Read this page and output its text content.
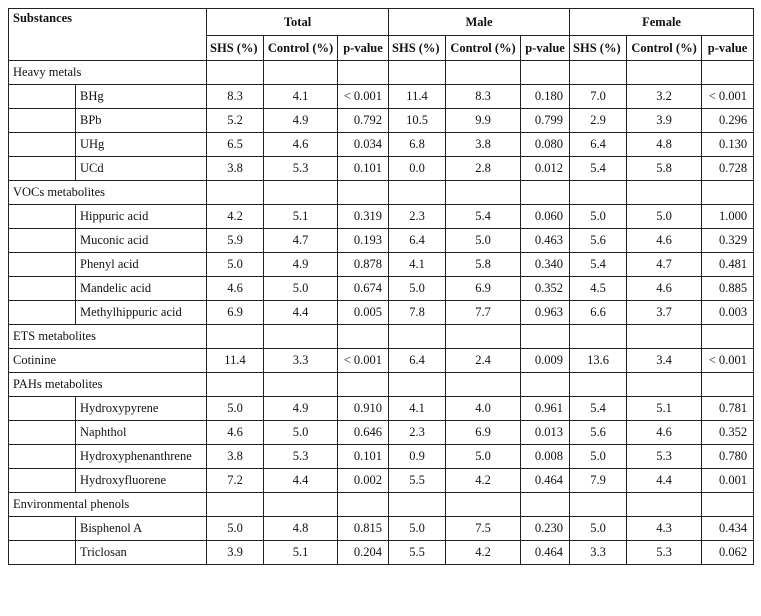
Substances		Total			Male			Female		
		SHS (%)	Control (%)	p-value	SHS (%)	Control (%)	p-value	SHS (%)	Control (%)	p-value
Heavy metals										
	BHg	8.3	4.1	< 0.001	11.4	8.3	0.180	7.0	3.2	< 0.001
	BPb	5.2	4.9	0.792	10.5	9.9	0.799	2.9	3.9	0.296
	UHg	6.5	4.6	0.034	6.8	3.8	0.080	6.4	4.8	0.130
	UCd	3.8	5.3	0.101	0.0	2.8	0.012	5.4	5.8	0.728
VOCs metabolites										
	Hippuric acid	4.2	5.1	0.319	2.3	5.4	0.060	5.0	5.0	1.000
	Muconic acid	5.9	4.7	0.193	6.4	5.0	0.463	5.6	4.6	0.329
	Phenyl acid	5.0	4.9	0.878	4.1	5.8	0.340	5.4	4.7	0.481
	Mandelic acid	4.6	5.0	0.674	5.0	6.9	0.352	4.5	4.6	0.885
	Methylhippuric acid	6.9	4.4	0.005	7.8	7.7	0.963	6.6	3.7	0.003
ETS metabolites										
Cotinine		11.4	3.3	< 0.001	6.4	2.4	0.009	13.6	3.4	< 0.001
PAHs metabolites										
	Hydroxypyrene	5.0	4.9	0.910	4.1	4.0	0.961	5.4	5.1	0.781
	Naphthol	4.6	5.0	0.646	2.3	6.9	0.013	5.6	4.6	0.352
	Hydroxyphenanthrene	3.8	5.3	0.101	0.9	5.0	0.008	5.0	5.3	0.780
	Hydroxyfluorene	7.2	4.4	0.002	5.5	4.2	0.464	7.9	4.4	0.001
Environmental phenols										
	Bisphenol A	5.0	4.8	0.815	5.0	7.5	0.230	5.0	4.3	0.434
	Triclosan	3.9	5.1	0.204	5.5	4.2	0.464	3.3	5.3	0.062
